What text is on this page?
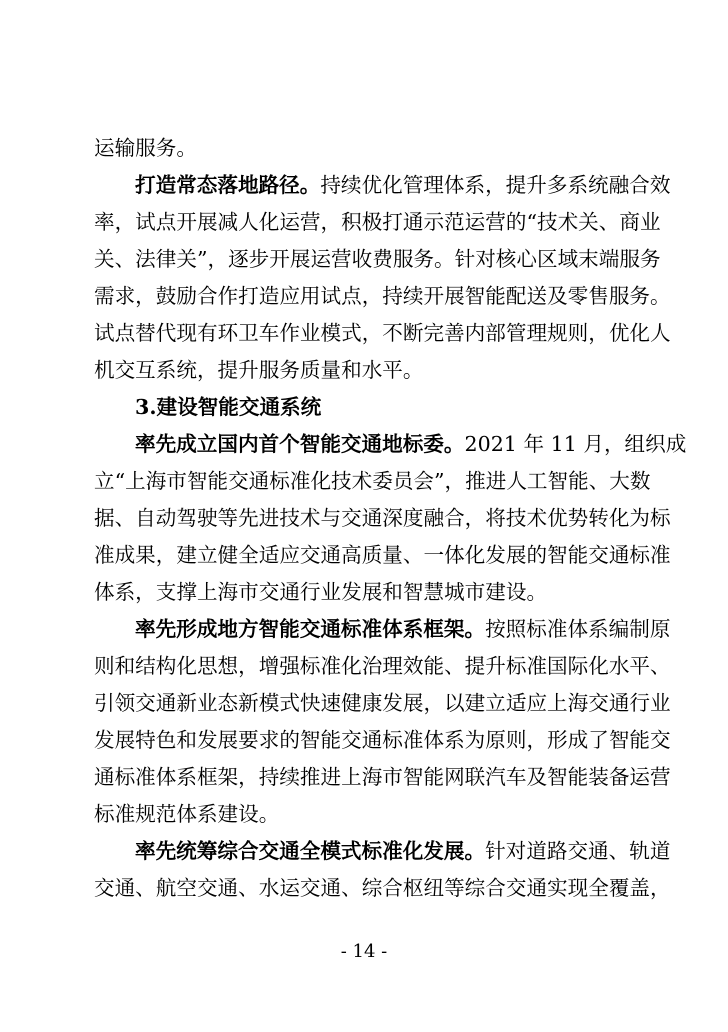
运输服务。
打造常态落地路径。持续优化管理体系，提升多系统融合效
率，试点开展减人化运营，积极打通示范运营的“技术关、商业
关、法律关”，逐步开展运营收费服务。针对核心区域末端服务
需求，鼓励合作打造应用试点，持续开展智能配送及零售服务。
试点替代现有环卫车作业模式，不断完善内部管理规则，优化人
机交互系统，提升服务质量和水平。
3.建设智能交通系统
率先成立国内首个智能交通地标委。2021 年 11 月，组织成
立“上海市智能交通标准化技术委员会”，推进人工智能、大数
据、自动驾驶等先进技术与交通深度融合，将技术优势转化为标
准成果，建立健全适应交通高质量、一体化发展的智能交通标准
体系，支撑上海市交通行业发展和智慧城市建设。
率先形成地方智能交通标准体系框架。按照标准体系编制原
则和结构化思想，增强标准化治理效能、提升标准国际化水平、
引领交通新业态新模式快速健康发展，以建立适应上海交通行业
发展特色和发展要求的智能交通标准体系为原则，形成了智能交
通标准体系框架，持续推进上海市智能网联汽车及智能装备运营
标准规范体系建设。
率先统筹综合交通全模式标准化发展。针对道路交通、轨道
交通、航空交通、水运交通、综合枢纽等综合交通实现全覆盖，
- 14 -
